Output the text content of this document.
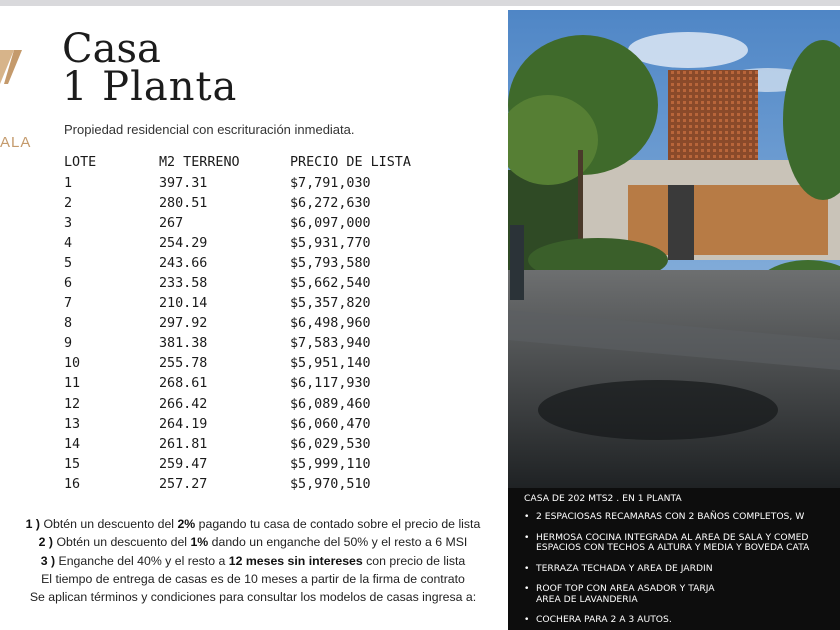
ALA
Casa
1 Planta
Propiedad residencial con escrituración inmediata.
LOTE	M2 TERRENO	PRECIO DE LISTA
1	397.31	$7,791,030
2	280.51	$6,272,630
3	267	$6,097,000
4	254.29	$5,931,770
5	243.66	$5,793,580
6	233.58	$5,662,540
7	210.14	$5,357,820
8	297.92	$6,498,960
9	381.38	$7,583,940
10	255.78	$5,951,140
11	268.61	$6,117,930
12	266.42	$6,089,460
13	264.19	$6,060,470
14	261.81	$6,029,530
15	259.47	$5,999,110
16	257.27	$5,970,510
1 ) Obtén un descuento del 2% pagando tu casa de contado sobre el precio de lista
2 ) Obtén un descuento del 1% dando un enganche del 50% y el resto a 6 MSI
3 ) Enganche del 40% y el resto a 12 meses sin intereses con precio de lista
El tiempo de entrega de casas es de 10 meses a partir de la firma de contrato
Se aplican términos y condiciones para consultar los modelos de casas ingresa a:
CASA DE 202 MTS2 . EN 1 PLANTA
• 2 ESPACIOSAS RECAMARAS CON 2 BAÑOS COMPLETOS, W
• HERMOSA COCINA INTEGRADA AL AREA DE SALA Y COMED
ESPACIOS CON TECHOS A ALTURA Y MEDIA Y BOVEDA CATA
• TERRAZA TECHADA Y AREA DE JARDIN
• ROOF TOP CON AREA ASADOR Y TARJA
AREA DE LAVANDERIA
• COCHERA PARA 2 A 3 AUTOS.
